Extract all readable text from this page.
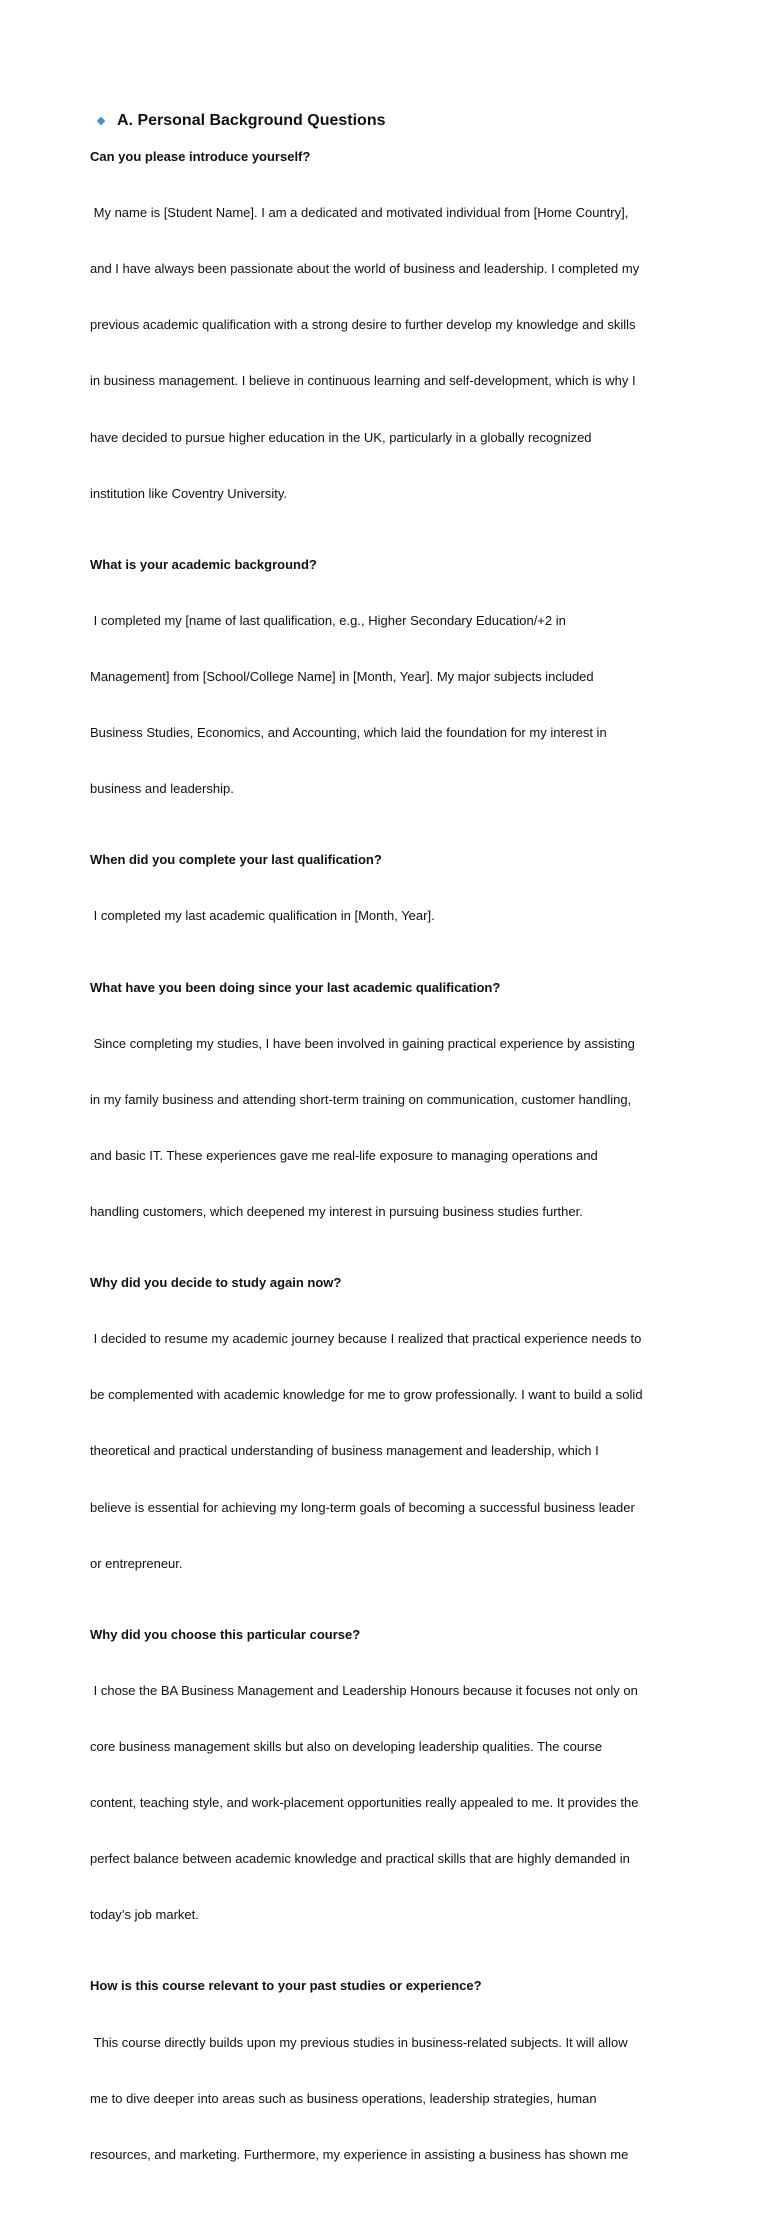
A. Personal Background Questions

Can you please introduce yourself?

My name is [Student Name]. I am a dedicated and motivated individual from [Home Country],

and I have always been passionate about the world of business and leadership. I completed my

previous academic qualification with a strong desire to further develop my knowledge and skills

in business management. I believe in continuous learning and self-development, which is why I

have decided to pursue higher education in the UK, particularly in a globally recognized

institution like Coventry University.

What is your academic background?

I completed my [name of last qualification, e.g., Higher Secondary Education/+2 in

Management] from [School/College Name] in [Month, Year]. My major subjects included

Business Studies, Economics, and Accounting, which laid the foundation for my interest in

business and leadership.

When did you complete your last qualification?

I completed my last academic qualification in [Month, Year].

What have you been doing since your last academic qualification?

Since completing my studies, I have been involved in gaining practical experience by assisting

in my family business and attending short-term training on communication, customer handling,

and basic IT. These experiences gave me real-life exposure to managing operations and

handling customers, which deepened my interest in pursuing business studies further.

Why did you decide to study again now?

I decided to resume my academic journey because I realized that practical experience needs to

be complemented with academic knowledge for me to grow professionally. I want to build a solid

theoretical and practical understanding of business management and leadership, which I

believe is essential for achieving my long-term goals of becoming a successful business leader

or entrepreneur.

Why did you choose this particular course?

I chose the BA Business Management and Leadership Honours because it focuses not only on

core business management skills but also on developing leadership qualities. The course

content, teaching style, and work-placement opportunities really appealed to me. It provides the

perfect balance between academic knowledge and practical skills that are highly demanded in

today’s job market.

How is this course relevant to your past studies or experience?

This course directly builds upon my previous studies in business-related subjects. It will allow

me to dive deeper into areas such as business operations, leadership strategies, human

resources, and marketing. Furthermore, my experience in assisting a business has shown me
